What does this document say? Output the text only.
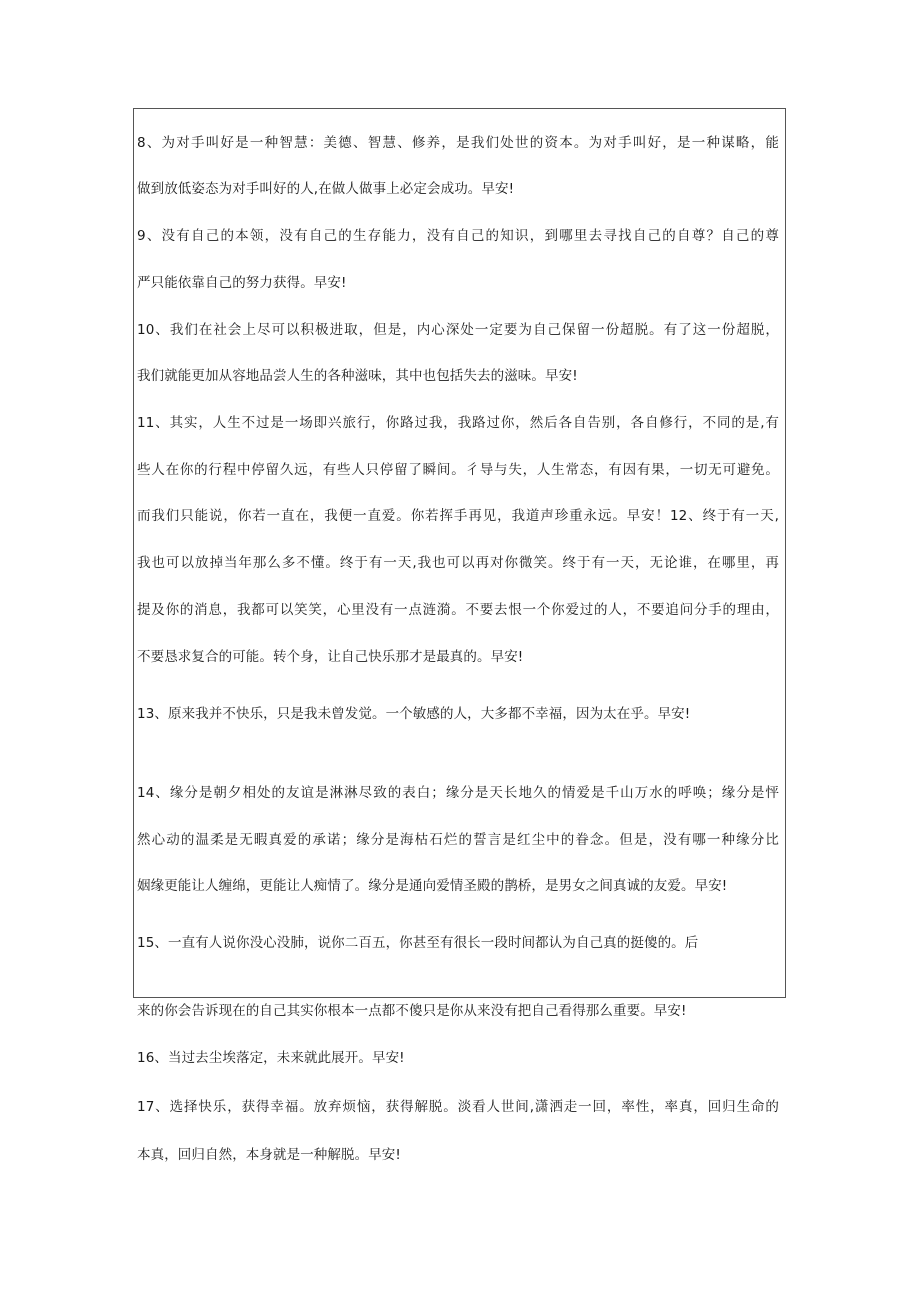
8、为对手叫好是一种智慧：美德、智慧、修养，是我们处世的资本。为对手叫好，是一种谋略，能
做到放低姿态为对手叫好的人,在做人做事上必定会成功。早安!
9、没有自己的本领，没有自己的生存能力，没有自己的知识，到哪里去寻找自己的自尊？自己的尊
严只能依靠自己的努力获得。早安!
10、我们在社会上尽可以积极进取，但是，内心深处一定要为自己保留一份超脱。有了这一份超脱，
我们就能更加从容地品尝人生的各种滋味，其中也包括失去的滋味。早安!
11、其实，人生不过是一场即兴旅行，你路过我，我路过你，然后各自告别，各自修行，不同的是,有
些人在你的行程中停留久远，有些人只停留了瞬间。彳导与失，人生常态，有因有果，一切无可避免。
而我们只能说，你若一直在，我便一直爱。你若挥手再见，我道声珍重永远。早安！12、终于有一天,
我也可以放掉当年那么多不懂。终于有一天,我也可以再对你微笑。终于有一天，无论谁，在哪里，再
提及你的消息，我都可以笑笑，心里没有一点涟漪。不要去恨一个你爱过的人，不要追问分手的理由，
不要恳求复合的可能。转个身，让自己快乐那才是最真的。早安!
13、原来我并不快乐，只是我未曾发觉。一个敏感的人，大多都不幸福，因为太在乎。早安!
14、缘分是朝夕相处的友谊是淋淋尽致的表白；缘分是天长地久的情爱是千山万水的呼唤；缘分是怦
然心动的温柔是无暇真爱的承诺；缘分是海枯石烂的誓言是红尘中的眷念。但是，没有哪一种缘分比
姻缘更能让人缠绵，更能让人痴情了。缘分是通向爱情圣殿的鹊桥，是男女之间真诚的友爱。早安!
15、一直有人说你没心没肺，说你二百五，你甚至有很长一段时间都认为自己真的挺傻的。后
来的你会告诉现在的自己其实你根本一点都不傻只是你从来没有把自己看得那么重要。早安!
16、当过去尘埃落定，未来就此展开。早安!
17、选择快乐，获得幸福。放弃烦恼，获得解脱。淡看人世间,潇洒走一回，率性，率真，回归生命的
本真，回归自然，本身就是一种解脱。早安!
